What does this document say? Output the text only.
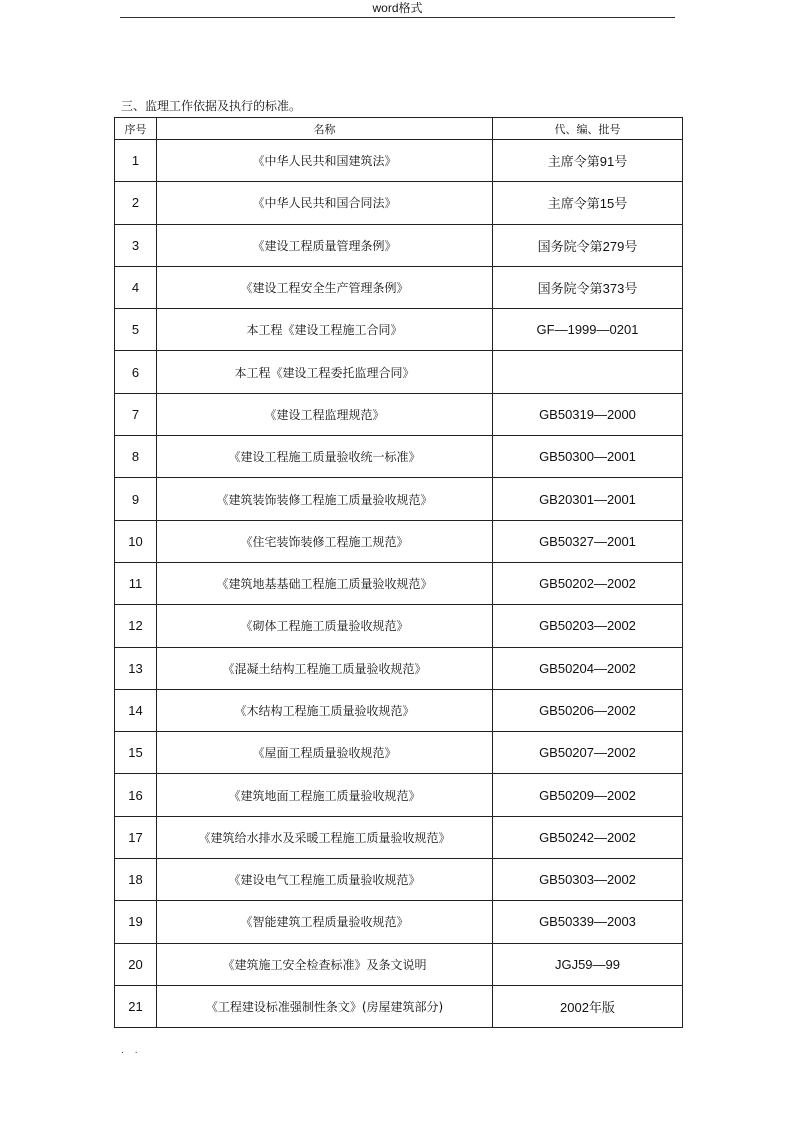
word格式
三、监理工作依据及执行的标准。
序号	名称	代、编、批号
1	《中华人民共和国建筑法》	主席令第91号
2	《中华人民共和国合同法》	主席令第15号
3	《建设工程质量管理条例》	国务院令第279号
4	《建设工程安全生产管理条例》	国务院令第373号
5	本工程《建设工程施工合同》	GF—1999—0201
6	本工程《建设工程委托监理合同》	
7	《建设工程监理规范》	GB50319—2000
8	《建设工程施工质量验收统一标准》	GB50300—2001
9	《建筑装饰装修工程施工质量验收规范》	GB20301—2001
10	《住宅装饰装修工程施工规范》	GB50327—2001
11	《建筑地基基础工程施工质量验收规范》	GB50202—2002
12	《砌体工程施工质量验收规范》	GB50203—2002
13	《混凝土结构工程施工质量验收规范》	GB50204—2002
14	《木结构工程施工质量验收规范》	GB50206—2002
15	《屋面工程质量验收规范》	GB50207—2002
16	《建筑地面工程施工质量验收规范》	GB50209—2002
17	《建筑给水排水及采暖工程施工质量验收规范》	GB50242—2002
18	《建设电气工程施工质量验收规范》	GB50303—2002
19	《智能建筑工程质量验收规范》	GB50339—2003
20	《建筑施工安全检查标准》及条文说明	JGJ59—99
21	《工程建设标准强制性条文》(房屋建筑部分)	2002年版
. .
